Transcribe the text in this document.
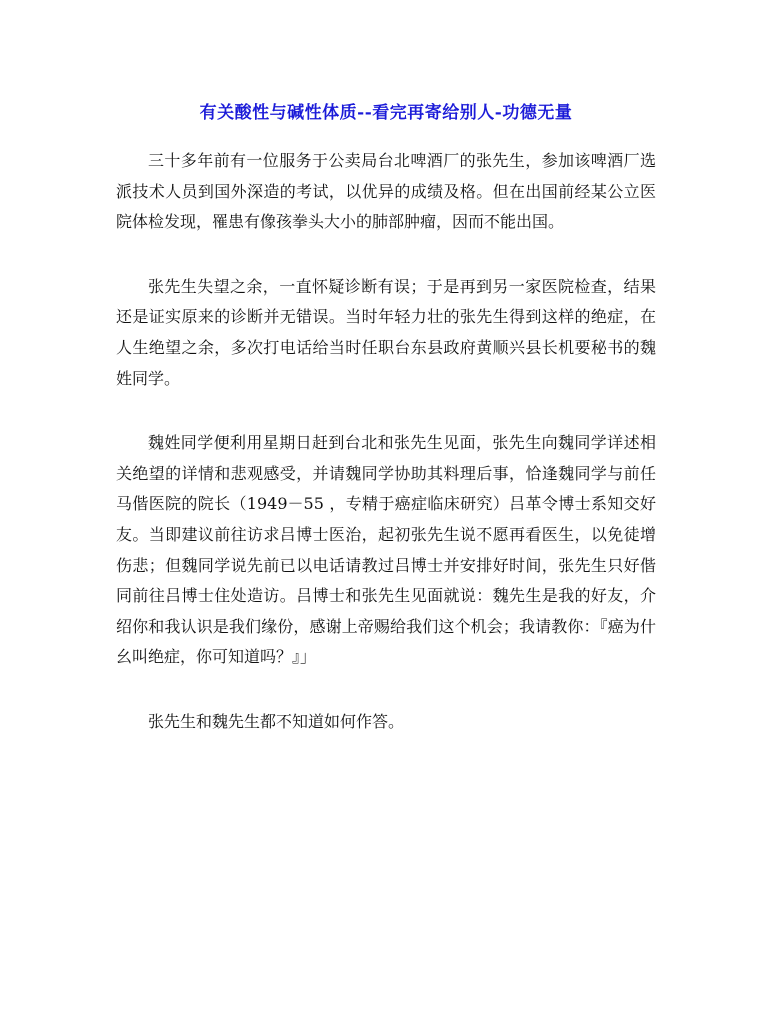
有关酸性与碱性体质--看完再寄给别人-功德无量

三十多年前有一位服务于公卖局台北啤酒厂的张先生，参加该啤酒厂选派技术人员到国外深造的考试，以优异的成绩及格。但在出国前经某公立医院体检发现，罹患有像孩拳头大小的肺部肿瘤，因而不能出国。

张先生失望之余，一直怀疑诊断有误；于是再到另一家医院检查，结果还是证实原来的诊断并无错误。当时年轻力壮的张先生得到这样的绝症，在人生绝望之余，多次打电话给当时任职台东县政府黄顺兴县长机要秘书的魏姓同学。

魏姓同学便利用星期日赶到台北和张先生见面，张先生向魏同学详述相关绝望的详情和悲观感受，并请魏同学协助其料理后事，恰逢魏同学与前任马偕医院的院长（1949－55 ，专精于癌症临床研究）吕革令博士系知交好友。当即建议前往访求吕博士医治，起初张先生说不愿再看医生，以免徒增伤悲；但魏同学说先前已以电话请教过吕博士并安排好时间，张先生只好偕同前往吕博士住处造访。吕博士和张先生见面就说：魏先生是我的好友，介绍你和我认识是我们缘份，感谢上帝赐给我们这个机会；我请教你：『癌为什幺叫绝症，你可知道吗？』」

张先生和魏先生都不知道如何作答。
